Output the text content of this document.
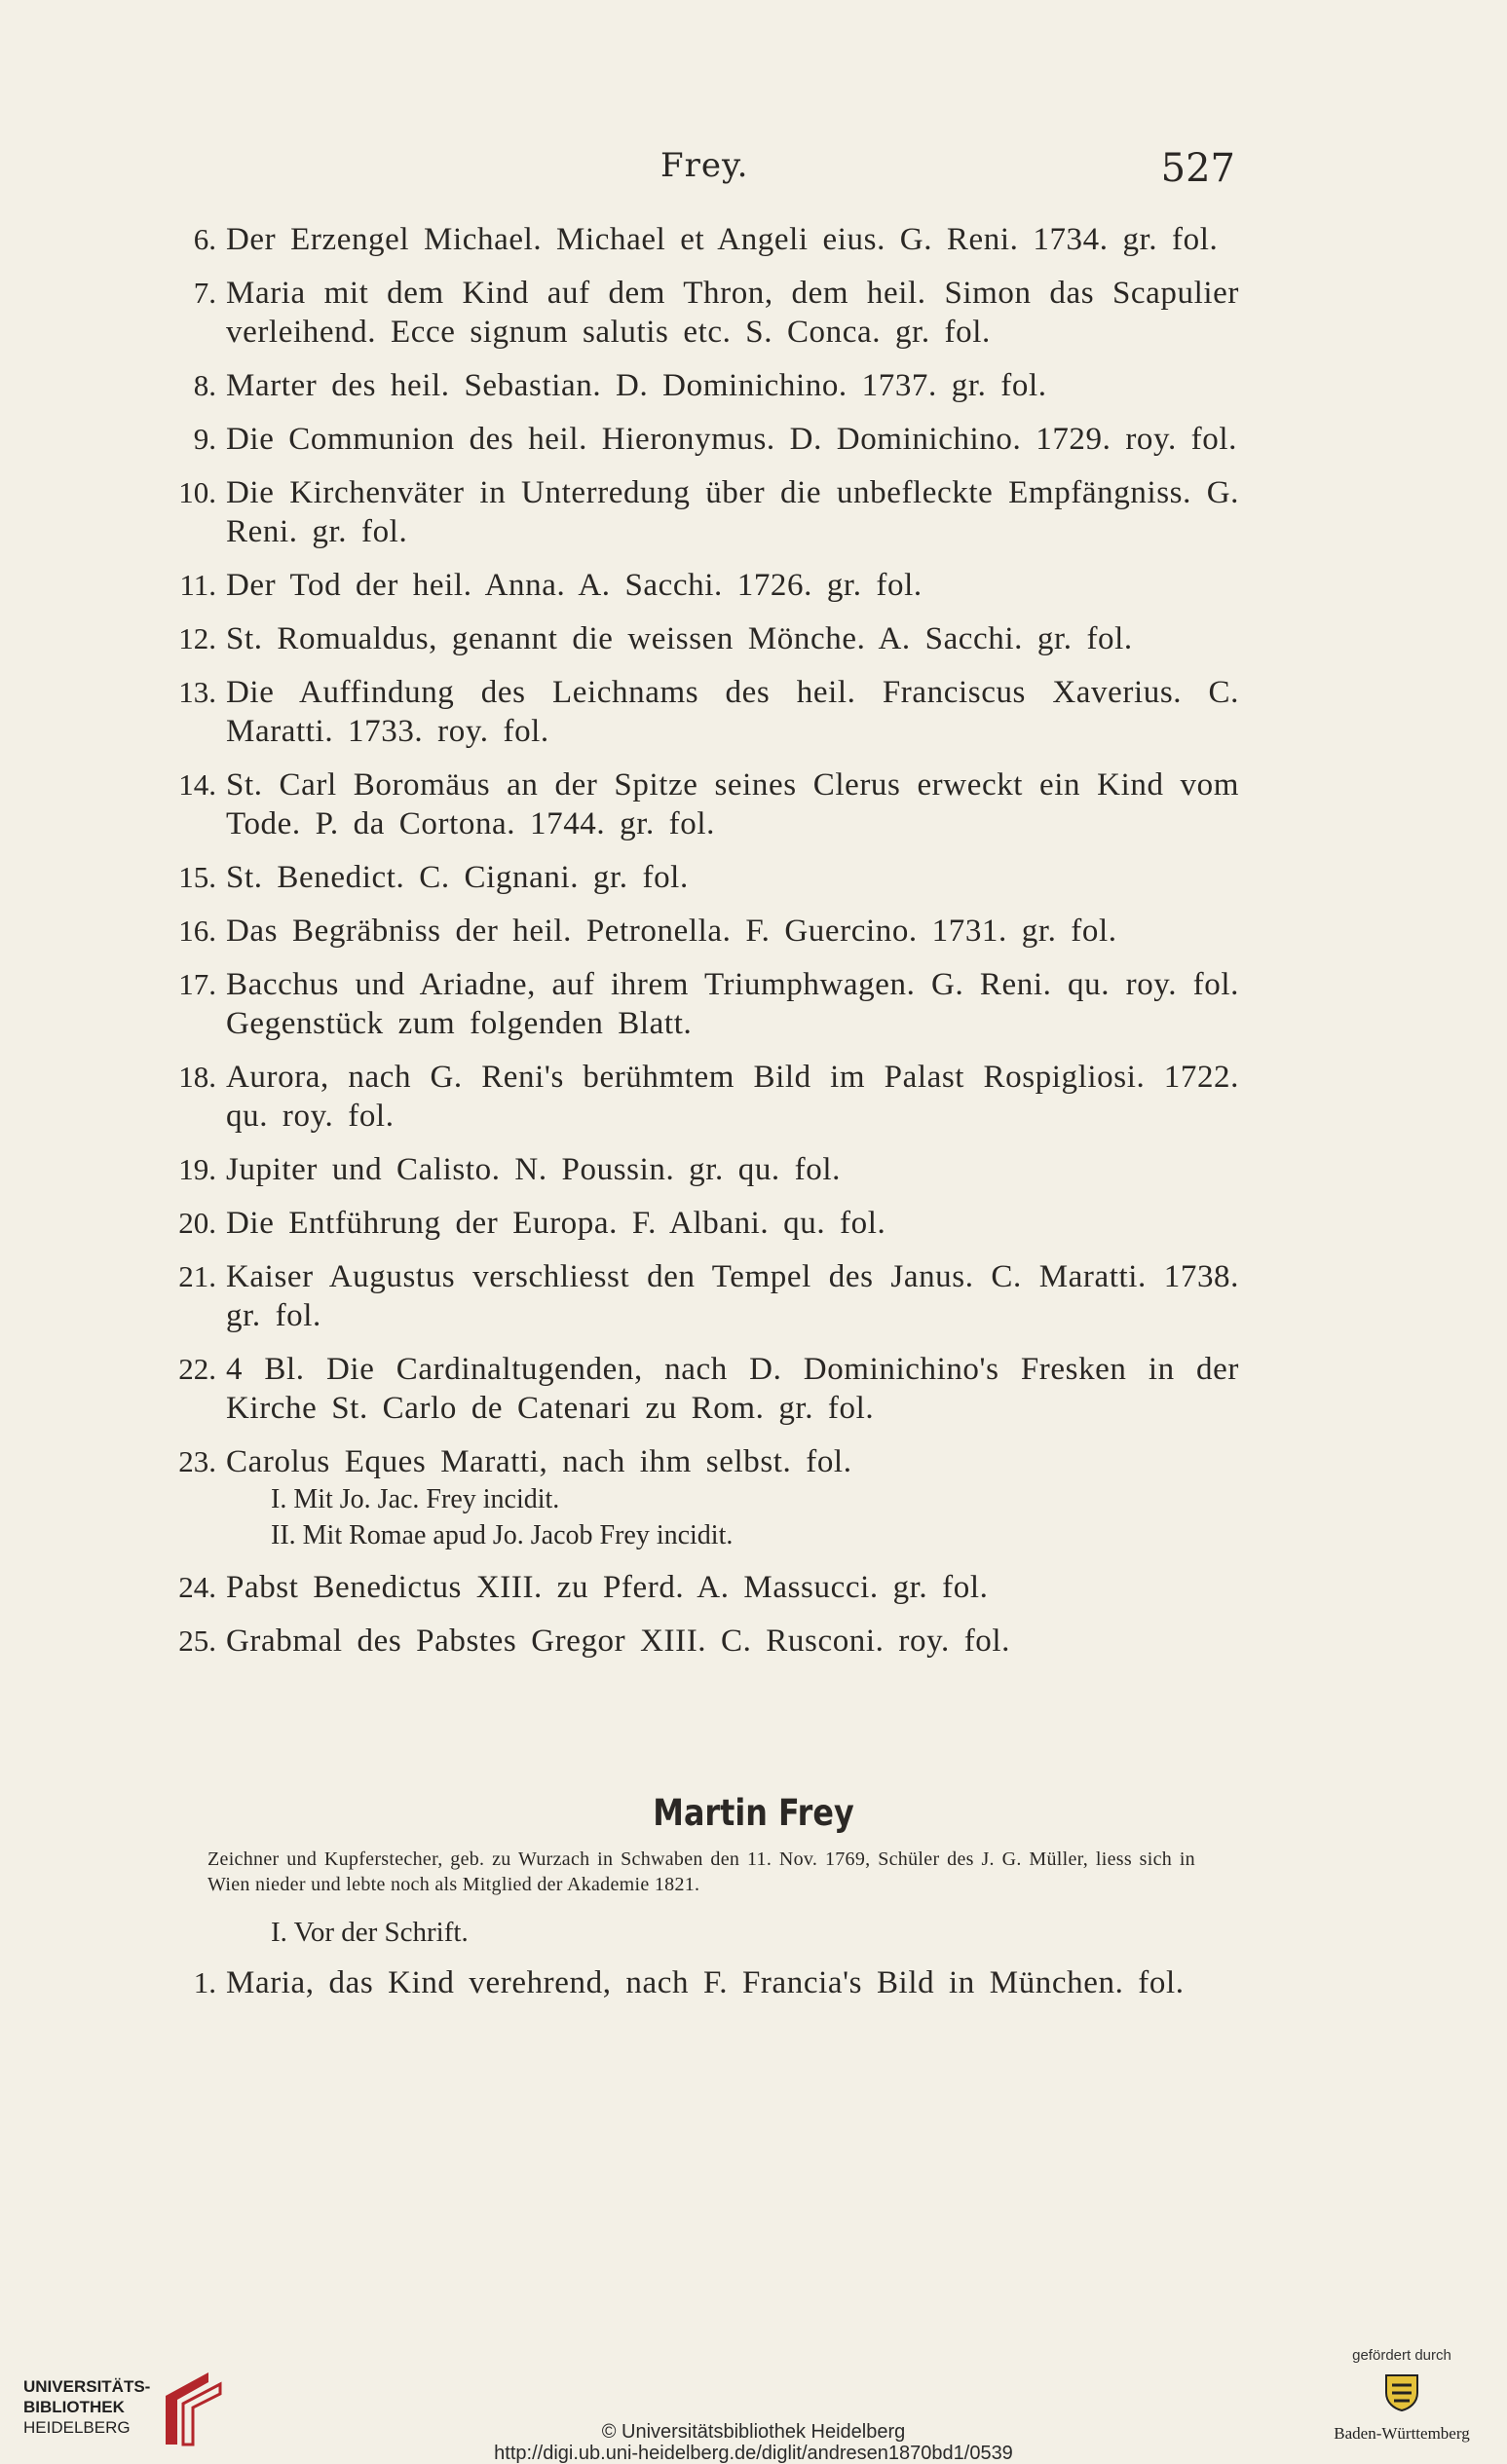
Frey.	527
6. Der Erzengel Michael. Michael et Angeli eius. G. Reni. 1734. gr. fol.
7. Maria mit dem Kind auf dem Thron, dem heil. Simon das Scapulier verleihend. Ecce signum salutis etc. S. Conca. gr. fol.
8. Marter des heil. Sebastian. D. Dominichino. 1737. gr. fol.
9. Die Communion des heil. Hieronymus. D. Dominichino. 1729. roy. fol.
10. Die Kirchenväter in Unterredung über die unbefleckte Empfängniss. G. Reni. gr. fol.
11. Der Tod der heil. Anna. A. Sacchi. 1726. gr. fol.
12. St. Romualdus, genannt die weissen Mönche. A. Sacchi. gr. fol.
13. Die Auffindung des Leichnams des heil. Franciscus Xaverius. C. Maratti. 1733. roy. fol.
14. St. Carl Boromäus an der Spitze seines Clerus erweckt ein Kind vom Tode. P. da Cortona. 1744. gr. fol.
15. St. Benedict. C. Cignani. gr. fol.
16. Das Begräbniss der heil. Petronella. F. Guercino. 1731. gr. fol.
17. Bacchus und Ariadne, auf ihrem Triumphwagen. G. Reni. qu. roy. fol. Gegenstück zum folgenden Blatt.
18. Aurora, nach G. Reni's berühmtem Bild im Palast Rospigliosi. 1722. qu. roy. fol.
19. Jupiter und Calisto. N. Poussin. gr. qu. fol.
20. Die Entführung der Europa. F. Albani. qu. fol.
21. Kaiser Augustus verschliesst den Tempel des Janus. C. Maratti. 1738. gr. fol.
22. 4 Bl. Die Cardinaltugenden, nach D. Dominichino's Fresken in der Kirche St. Carlo de Catenari zu Rom. gr. fol.
23. Carolus Eques Maratti, nach ihm selbst. fol.
I. Mit Jo. Jac. Frey incidit.
II. Mit Romae apud Jo. Jacob Frey incidit.
24. Pabst Benedictus XIII. zu Pferd. A. Massucci. gr. fol.
25. Grabmal des Pabstes Gregor XIII. C. Rusconi. roy. fol.
Martin Frey
Zeichner und Kupferstecher, geb. zu Wurzach in Schwaben den 11. Nov. 1769, Schüler des J. G. Müller, liess sich in Wien nieder und lebte noch als Mitglied der Akademie 1821.
I. Vor der Schrift.
1. Maria, das Kind verehrend, nach F. Francia's Bild in München. fol.
UNIVERSITÄTS-
BIBLIOTHEK
HEIDELBERG	© Universitätsbibliothek Heidelberg
http://digi.ub.uni-heidelberg.de/diglit/andresen1870bd1/0539
gefördert durch
Baden-Württemberg
